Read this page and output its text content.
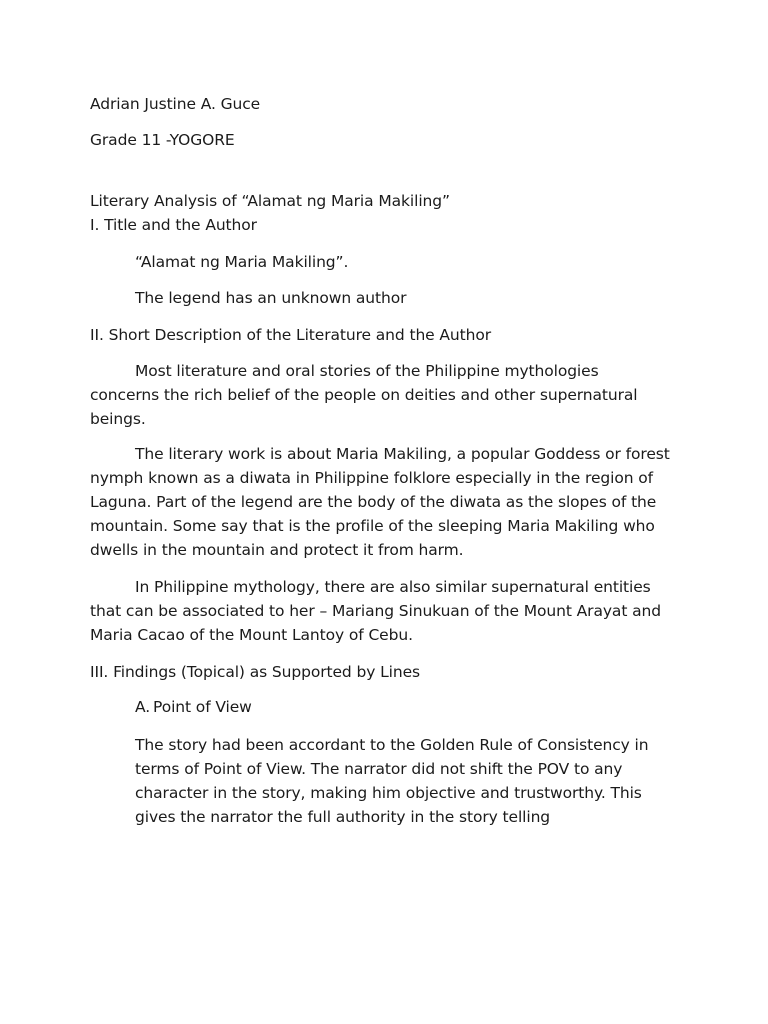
Adrian Justine A. Guce
Grade 11 -YOGORE
Literary Analysis of “Alamat ng Maria Makiling”
I. Title and the Author
“Alamat ng Maria Makiling”.
The legend has an unknown author
II. Short Description of the Literature and the Author
Most literature and oral stories of the Philippine mythologies concerns the rich belief of the people on deities and other supernatural beings.
The literary work is about Maria Makiling, a popular Goddess or forest nymph known as a diwata in Philippine folklore especially in the region of Laguna. Part of the legend are the body of the diwata as the slopes of the mountain. Some say that is the profile of the sleeping Maria Makiling who dwells in the mountain and protect it from harm.
In Philippine mythology, there are also similar supernatural entities that can be associated to her – Mariang Sinukuan of the Mount Arayat and Maria Cacao of the Mount Lantoy of Cebu.
III. Findings (Topical) as Supported by Lines
A. Point of View
The story had been accordant to the Golden Rule of Consistency in terms of Point of View. The narrator did not shift the POV to any character in the story, making him objective and trustworthy. This gives the narrator the full authority in the story telling
